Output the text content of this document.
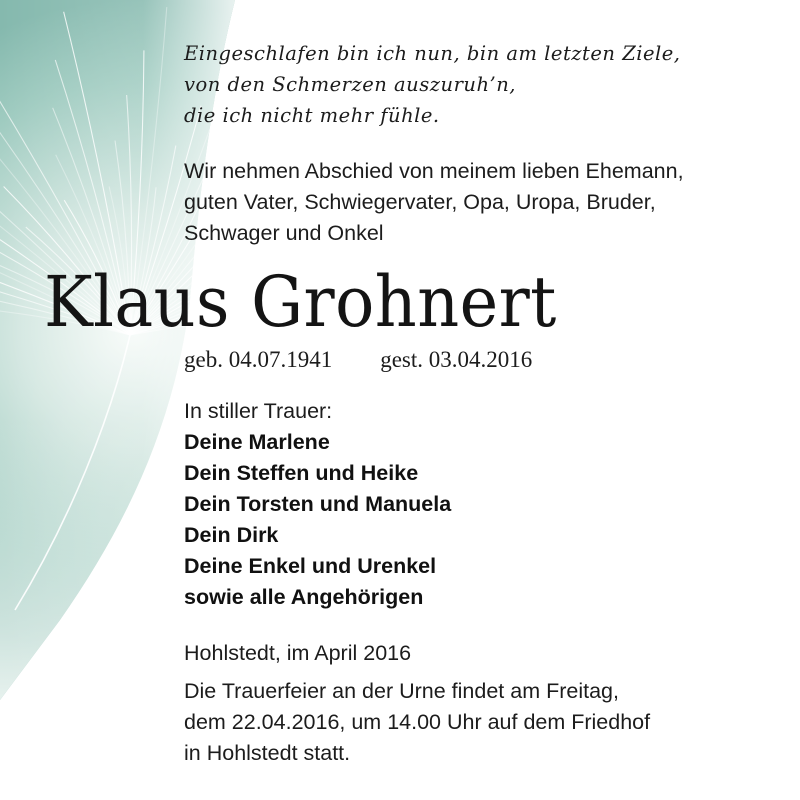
Eingeschlafen bin ich nun, bin am letzten Ziele,
von den Schmerzen auszuruh’n,
die ich nicht mehr fühle.
Wir nehmen Abschied von meinem lieben Ehemann,
guten Vater, Schwiegervater, Opa, Uropa, Bruder,
Schwager und Onkel
Klaus Grohnert
geb. 04.07.1941 gest. 03.04.2016
In stiller Trauer:
Deine Marlene
Dein Steffen und Heike
Dein Torsten und Manuela
Dein Dirk
Deine Enkel und Urenkel
sowie alle Angehörigen
Hohlstedt, im April 2016
Die Trauerfeier an der Urne findet am Freitag,
dem 22.04.2016, um 14.00 Uhr auf dem Friedhof
in Hohlstedt statt.
